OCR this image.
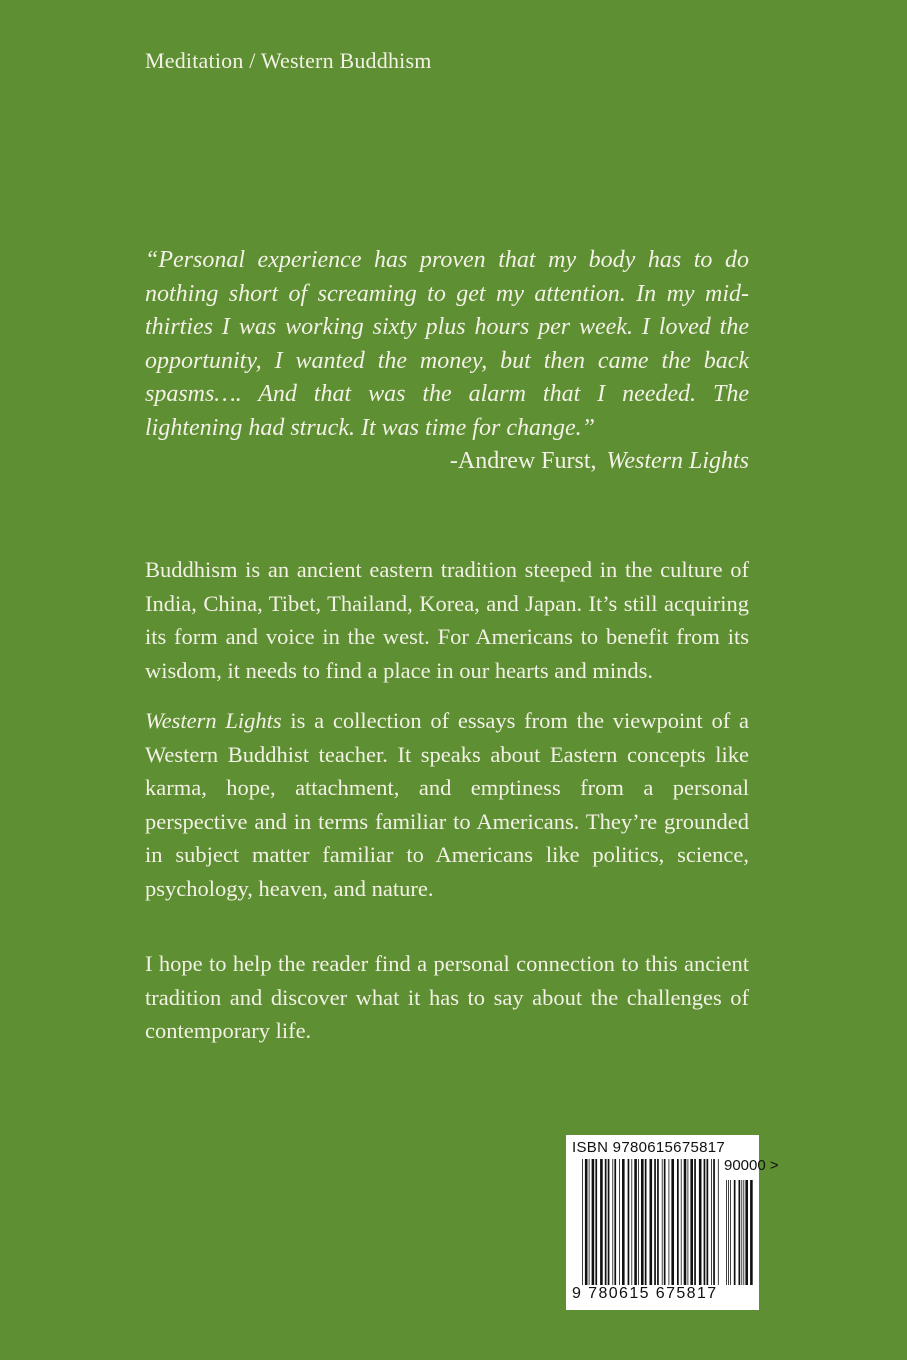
Meditation / Western Buddhism

“Personal experience has proven that my body has to do nothing short of screaming to get my attention. In my mid-thirties I was working sixty plus hours per week. I loved the opportunity, I wanted the money, but then came the back spasms…. And that was the alarm that I needed. The lightening had struck. It was time for change.”

-Andrew Furst, Western Lights

Buddhism is an ancient eastern tradition steeped in the culture of India, China, Tibet, Thailand, Korea, and Japan. It’s still acquiring its form and voice in the west. For Americans to benefit from its wisdom, it needs to find a place in our hearts and minds.

Western Lights is a collection of essays from the viewpoint of a Western Buddhist teacher. It speaks about Eastern concepts like karma, hope, attachment, and emptiness from a personal perspective and in terms familiar to Americans. They’re grounded in subject matter familiar to Americans like politics, science, psychology, heaven, and nature.

I hope to help the reader find a personal connection to this ancient tradition and discover what it has to say about the challenges of contemporary life.

ISBN 9780615675817
90000 >
9 780615 675817
